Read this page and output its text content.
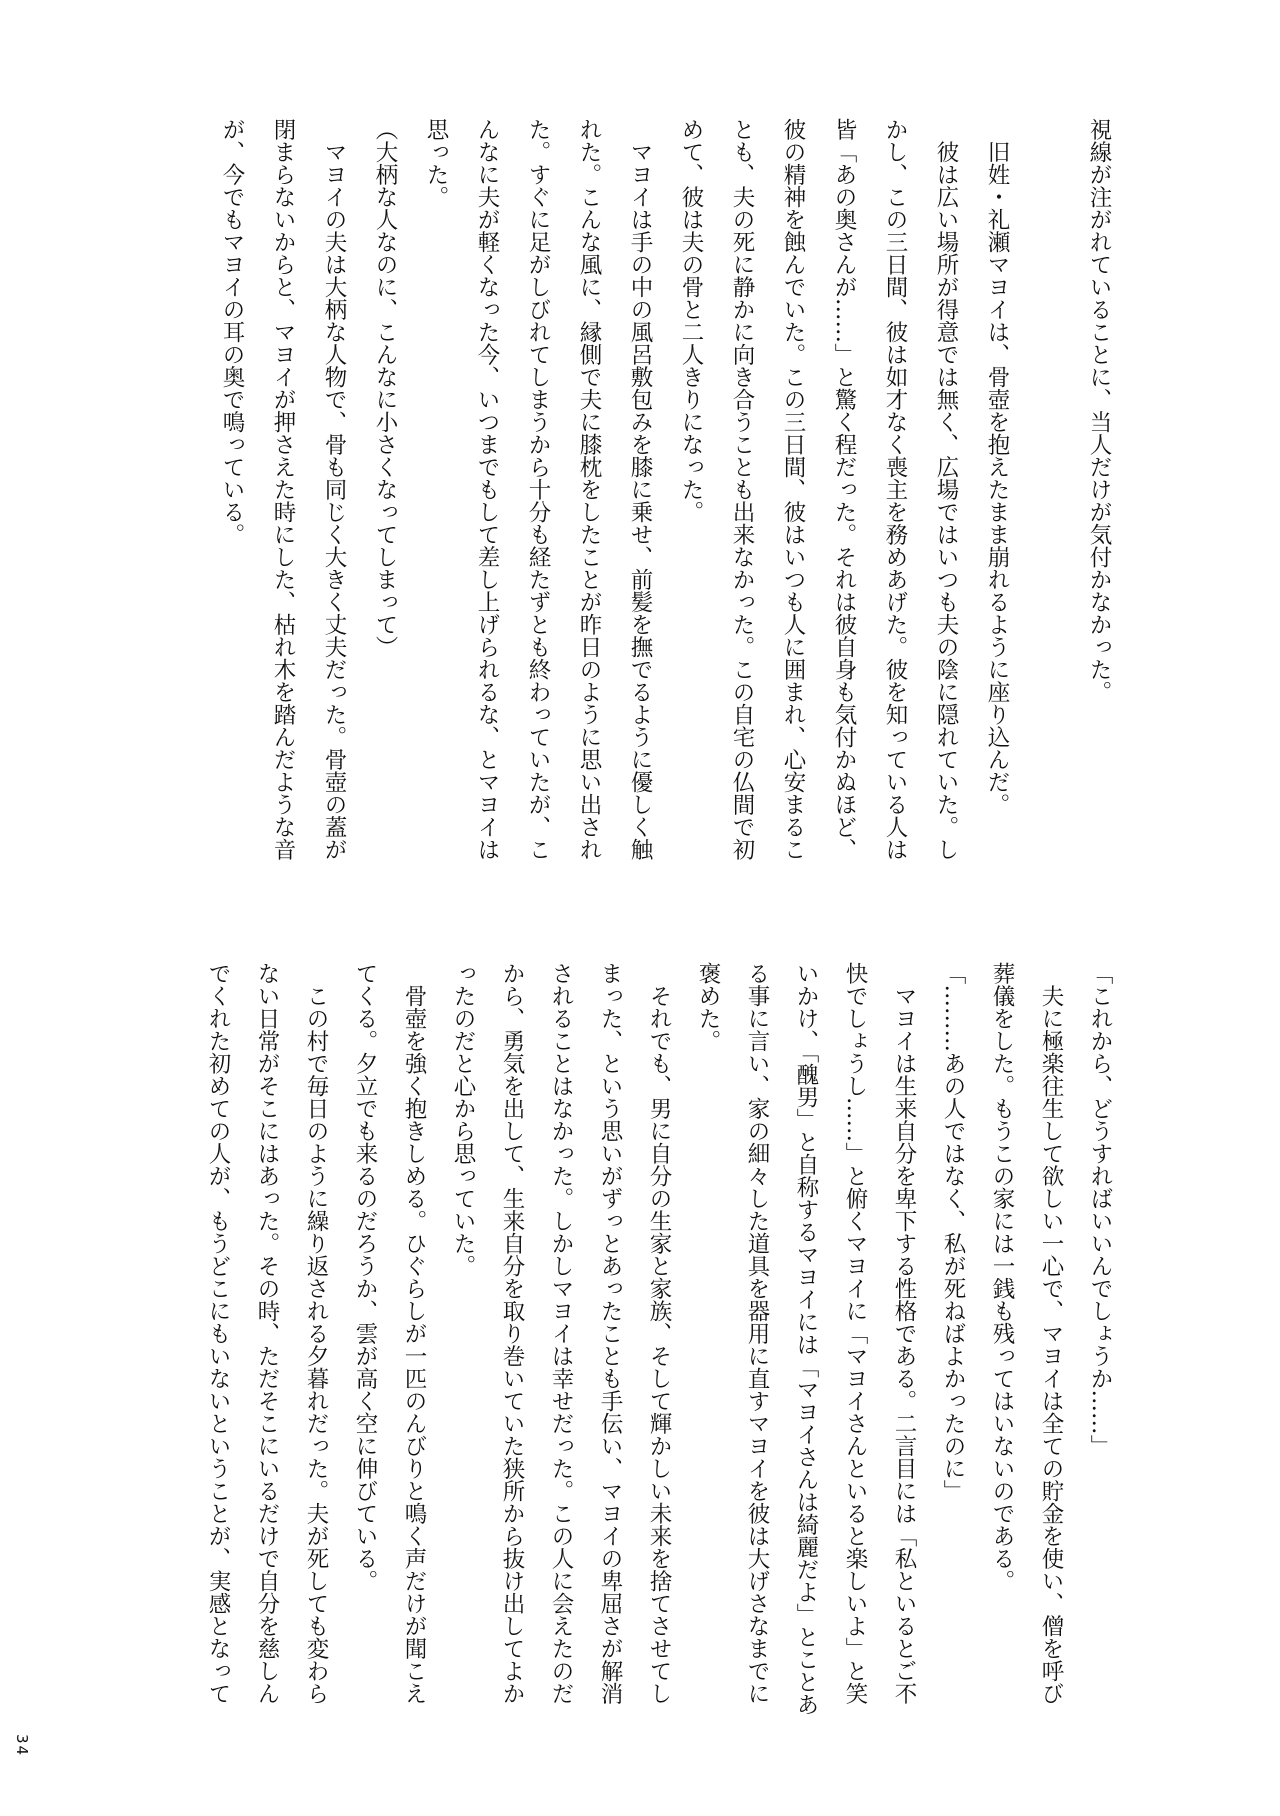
視線が注がれていることに、当人だけが気付かなかった。
　旧姓・礼瀬マヨイは、骨壺を抱えたまま崩れるように座り込んだ。
　彼は広い場所が得意では無く、広場ではいつも夫の陰に隠れていた。し
かし、この三日間、彼は如才なく喪主を務めあげた。彼を知っている人は
皆「あの奥さんが……」と驚く程だった。それは彼自身も気付かぬほど、
彼の精神を蝕んでいた。この三日間、彼はいつも人に囲まれ、心安まるこ
とも、夫の死に静かに向き合うことも出来なかった。この自宅の仏間で初
めて、彼は夫の骨と二人きりになった。
　マヨイは手の中の風呂敷包みを膝に乗せ、前髪を撫でるように優しく触
れた。こんな風に、縁側で夫に膝枕をしたことが昨日のように思い出され
た。すぐに足がしびれてしまうから十分も経たずとも終わっていたが、こ
んなに夫が軽くなった今、いつまでもして差し上げられるな、とマヨイは
思った。
（大柄な人なのに、こんなに小さくなってしまって）
　マヨイの夫は大柄な人物で、骨も同じく大きく丈夫だった。骨壺の蓋が
閉まらないからと、マヨイが押さえた時にした、枯れ木を踏んだような音
が、今でもマヨイの耳の奥で鳴っている。
「これから、どうすればいいんでしょうか……」
　夫に極楽往生して欲しい一心で、マヨイは全ての貯金を使い、僧を呼び
葬儀をした。もうこの家には一銭も残ってはいないのである。
「………あの人ではなく、私が死ねばよかったのに」
　マヨイは生来自分を卑下する性格である。二言目には「私といるとご不
快でしょうし……」と俯くマヨイに「マヨイさんといると楽しいよ」と笑
いかけ、「醜男」と自称するマヨイには「マヨイさんは綺麗だよ」とことあ
る事に言い、家の細々した道具を器用に直すマヨイを彼は大げさなまでに
褒めた。
　それでも、男に自分の生家と家族、そして輝かしい未来を捨てさせてし
まった、という思いがずっとあったことも手伝い、マヨイの卑屈さが解消
されることはなかった。しかしマヨイは幸せだった。この人に会えたのだ
から、勇気を出して、生来自分を取り巻いていた狭所から抜け出してよか
ったのだと心から思っていた。
　骨壺を強く抱きしめる。ひぐらしが一匹のんびりと鳴く声だけが聞こえ
てくる。夕立でも来るのだろうか、雲が高く空に伸びている。
　この村で毎日のように繰り返される夕暮れだった。夫が死しても変わら
ない日常がそこにはあった。その時、ただそこにいるだけで自分を慈しん
でくれた初めての人が、もうどこにもいないということが、実感となって
34
